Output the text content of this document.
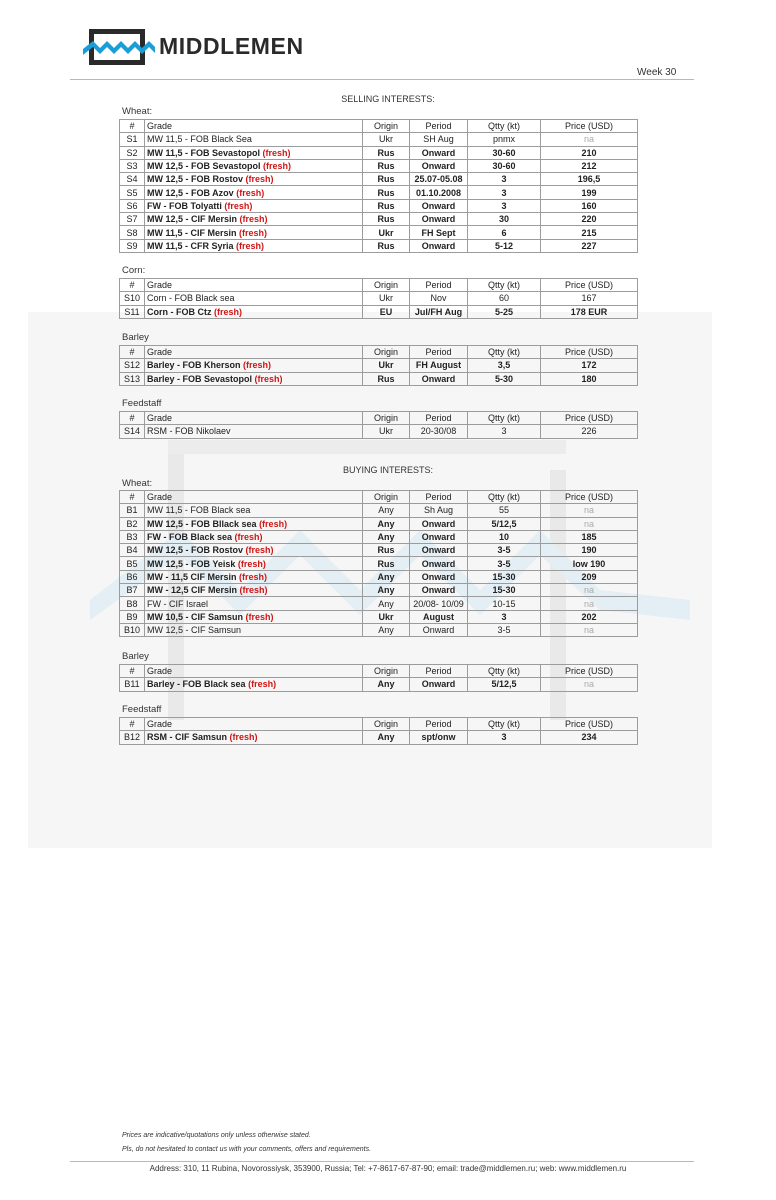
MIDDLEMEN
Week 30
SELLING INTERESTS:
Wheat:
#	Grade	Origin	Period	Qtty (kt)	Price (USD)
S1	MW 11,5 - FOB Black Sea	Ukr	SH Aug	pnmx	na
S2	MW 11,5 - FOB Sevastopol (fresh)	Rus	Onward	30-60	210
S3	MW 12,5 - FOB Sevastopol (fresh)	Rus	Onward	30-60	212
S4	MW 12,5 - FOB Rostov (fresh)	Rus	25.07-05.08	3	196,5
S5	MW 12,5 - FOB Azov (fresh)	Rus	01.10.2008	3	199
S6	FW - FOB Tolyatti (fresh)	Rus	Onward	3	160
S7	MW 12,5 - CIF Mersin (fresh)	Rus	Onward	30	220
S8	MW 11,5 - CIF Mersin (fresh)	Ukr	FH Sept	6	215
S9	MW 11,5 - CFR Syria (fresh)	Rus	Onward	5-12	227
Corn:
#	Grade	Origin	Period	Qtty (kt)	Price (USD)
S10	Corn - FOB Black sea	Ukr	Nov	60	167
S11	Corn - FOB Ctz (fresh)	EU	Jul/FH Aug	5-25	178 EUR
Barley
#	Grade	Origin	Period	Qtty (kt)	Price (USD)
S12	Barley - FOB Kherson (fresh)	Ukr	FH August	3,5	172
S13	Barley - FOB Sevastopol (fresh)	Rus	Onward	5-30	180
Feedstaff
#	Grade	Origin	Period	Qtty (kt)	Price (USD)
S14	RSM - FOB Nikolaev	Ukr	20-30/08	3	226
BUYING INTERESTS:
Wheat:
#	Grade	Origin	Period	Qtty (kt)	Price (USD)
B1	MW 11,5 - FOB Black sea	Any	Sh Aug	55	na
B2	MW 12,5 - FOB Bllack sea (fresh)	Any	Onward	5/12,5	na
B3	FW - FOB Black sea (fresh)	Any	Onward	10	185
B4	MW 12,5 - FOB Rostov (fresh)	Rus	Onward	3-5	190
B5	MW 12,5 - FOB Yeisk (fresh)	Rus	Onward	3-5	low 190
B6	MW - 11,5 CIF Mersin (fresh)	Any	Onward	15-30	209
B7	MW - 12,5 CIF Mersin (fresh)	Any	Onward	15-30	na
B8	FW - CIF Israel	Any	20/08- 10/09	10-15	na
B9	MW 10,5 - CIF Samsun (fresh)	Ukr	August	3	202
B10	MW 12,5 - CIF Samsun	Any	Onward	3-5	na
Barley
#	Grade	Origin	Period	Qtty (kt)	Price (USD)
B11	Barley - FOB Black sea (fresh)	Any	Onward	5/12,5	na
Feedstaff
#	Grade	Origin	Period	Qtty (kt)	Price (USD)
B12	RSM - CIF Samsun (fresh)	Any	spt/onw	3	234
Prices are indicative/quotations only unless otherwise stated.
Pls, do not hesitated to contact us with your comments, offers and requirements.
Address: 310, 11 Rubina, Novorossiysk, 353900, Russia; Tel: +7-8617-67-87-90; email: trade@middlemen.ru; web: www.middlemen.ru
